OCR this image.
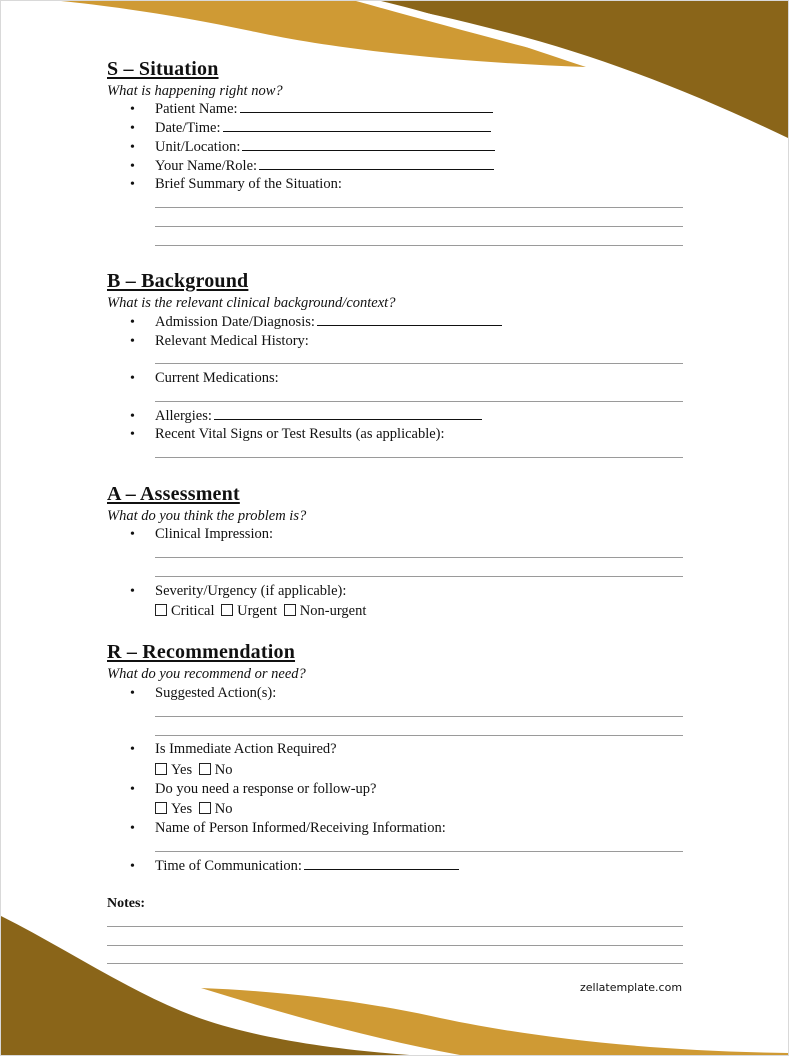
S – Situation
What is happening right now?
• Patient Name:
• Date/Time:
• Unit/Location:
• Your Name/Role:
• Brief Summary of the Situation:
B – Background
What is the relevant clinical background/context?
• Admission Date/Diagnosis:
• Relevant Medical History:
• Current Medications:
• Allergies:
• Recent Vital Signs or Test Results (as applicable):
A – Assessment
What do you think the problem is?
• Clinical Impression:
• Severity/Urgency (if applicable):
Critical Urgent Non-urgent
R – Recommendation
What do you recommend or need?
• Suggested Action(s):
• Is Immediate Action Required?
Yes No
• Do you need a response or follow-up?
Yes No
• Name of Person Informed/Receiving Information:
• Time of Communication:
Notes:
zellatemplate.com
